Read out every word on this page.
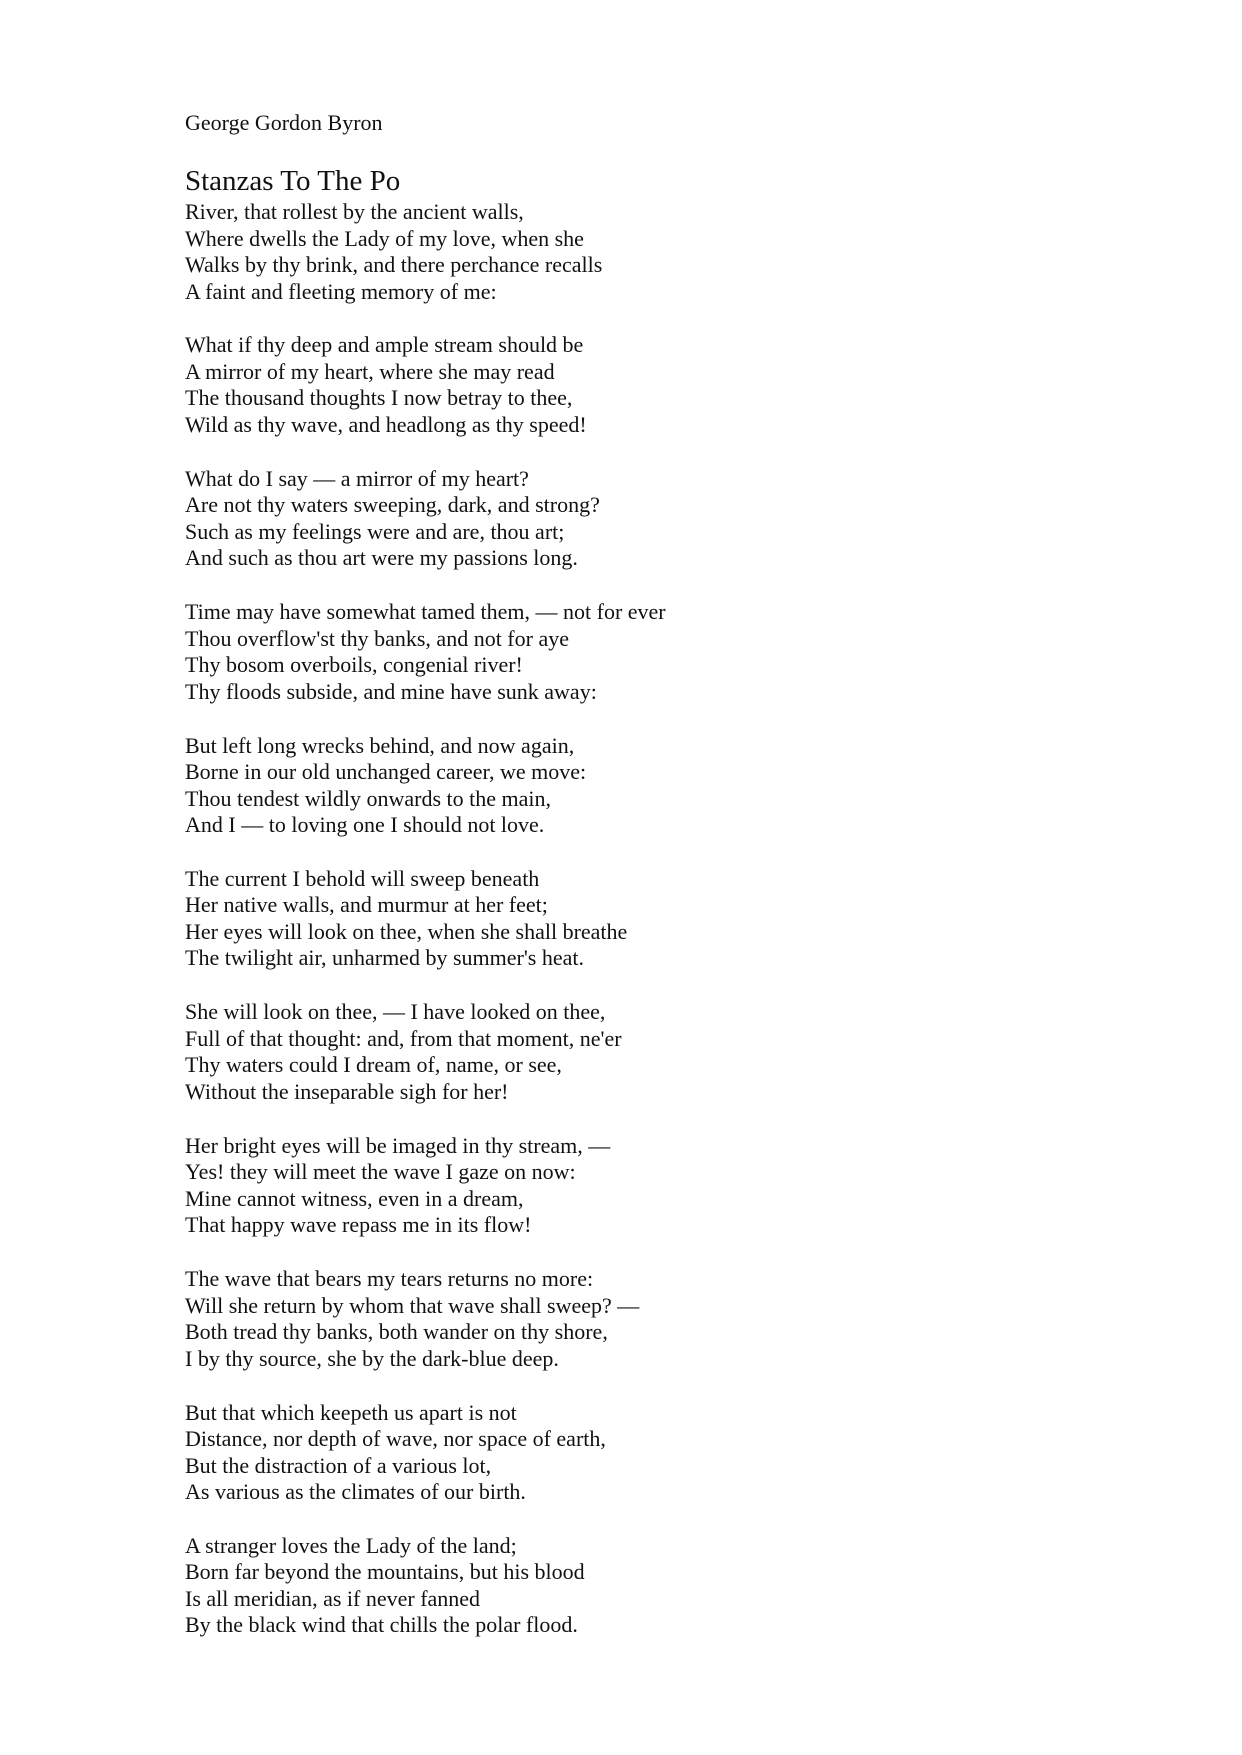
George Gordon Byron
Stanzas To The Po
River, that rollest by the ancient walls,
Where dwells the Lady of my love, when she
Walks by thy brink, and there perchance recalls
A faint and fleeting memory of me:
What if thy deep and ample stream should be
A mirror of my heart, where she may read
The thousand thoughts I now betray to thee,
Wild as thy wave, and headlong as thy speed!
What do I say — a mirror of my heart?
Are not thy waters sweeping, dark, and strong?
Such as my feelings were and are, thou art;
And such as thou art were my passions long.
Time may have somewhat tamed them, — not for ever
Thou overflow'st thy banks, and not for aye
Thy bosom overboils, congenial river!
Thy floods subside, and mine have sunk away:
But left long wrecks behind, and now again,
Borne in our old unchanged career, we move:
Thou tendest wildly onwards to the main,
And I — to loving one I should not love.
The current I behold will sweep beneath
Her native walls, and murmur at her feet;
Her eyes will look on thee, when she shall breathe
The twilight air, unharmed by summer's heat.
She will look on thee, — I have looked on thee,
Full of that thought: and, from that moment, ne'er
Thy waters could I dream of, name, or see,
Without the inseparable sigh for her!
Her bright eyes will be imaged in thy stream, —
Yes! they will meet the wave I gaze on now:
Mine cannot witness, even in a dream,
That happy wave repass me in its flow!
The wave that bears my tears returns no more:
Will she return by whom that wave shall sweep? —
Both tread thy banks, both wander on thy shore,
I by thy source, she by the dark-blue deep.
But that which keepeth us apart is not
Distance, nor depth of wave, nor space of earth,
But the distraction of a various lot,
As various as the climates of our birth.
A stranger loves the Lady of the land;
Born far beyond the mountains, but his blood
Is all meridian, as if never fanned
By the black wind that chills the polar flood.
